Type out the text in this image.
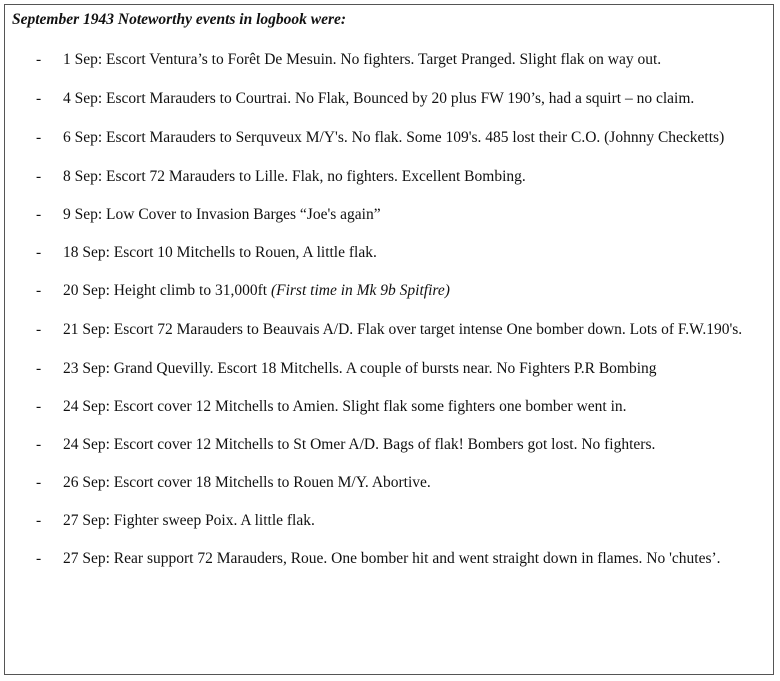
September 1943 Noteworthy events in logbook were:
- 1 Sep: Escort Ventura’s to Forêt De Mesuin. No fighters. Target Pranged. Slight flak on way out.
- 4 Sep: Escort Marauders to Courtrai. No Flak, Bounced by 20 plus FW 190’s, had a squirt – no claim.
- 6 Sep: Escort Marauders to Serquveux M/Y's. No flak. Some 109's. 485 lost their C.O. (Johnny Checketts)
- 8 Sep: Escort 72 Marauders to Lille. Flak, no fighters. Excellent Bombing.
- 9 Sep: Low Cover to Invasion Barges “Joe's again”
- 18 Sep: Escort 10 Mitchells to Rouen, A little flak.
- 20 Sep: Height climb to 31,000ft (First time in Mk 9b Spitfire)
- 21 Sep: Escort 72 Marauders to Beauvais A/D. Flak over target intense One bomber down. Lots of F.W.190's.
- 23 Sep: Grand Quevilly. Escort 18 Mitchells. A couple of bursts near. No Fighters P.R Bombing
- 24 Sep: Escort cover 12 Mitchells to Amien. Slight flak some fighters one bomber went in.
- 24 Sep: Escort cover 12 Mitchells to St Omer A/D. Bags of flak! Bombers got lost. No fighters.
- 26 Sep: Escort cover 18 Mitchells to Rouen M/Y. Abortive.
- 27 Sep: Fighter sweep Poix. A little flak.
- 27 Sep: Rear support 72 Marauders, Roue. One bomber hit and went straight down in flames. No 'chutes’.
